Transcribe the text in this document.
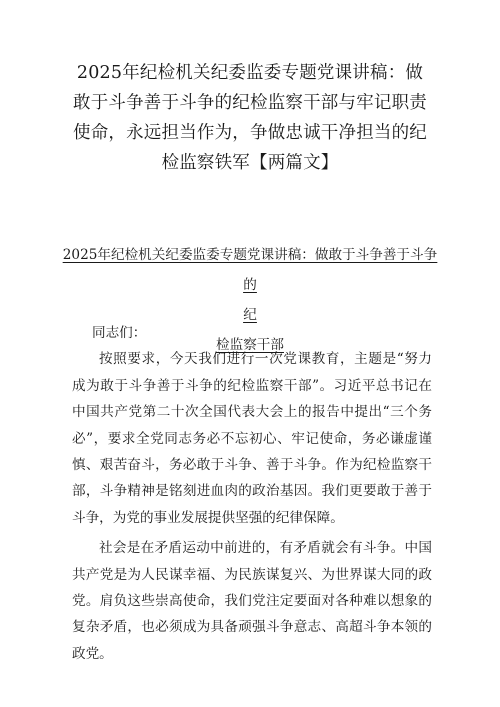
2025年纪检机关纪委监委专题党课讲稿：做敢于斗争善于斗争的纪检监察干部与牢记职责使命，永远担当作为，争做忠诚干净担当的纪检监察铁军【两篇文】
2025年纪检机关纪委监委专题党课讲稿：做敢于斗争善于斗争的
纪
检监察干部

同志们：

按照要求，今天我们进行一次党课教育，主题是“努力成为敢于斗争善于斗争的纪检监察干部”。习近平总书记在中国共产党第二十次全国代表大会上的报告中提出“三个务必”，要求全党同志务必不忘初心、牢记使命，务必谦虚谨慎、艰苦奋斗，务必敢于斗争、善于斗争。作为纪检监察干部，斗争精神是铭刻进血肉的政治基因。我们更要敢于善于斗争，为党的事业发展提供坚强的纪律保障。

社会是在矛盾运动中前进的，有矛盾就会有斗争。中国共产党是为人民谋幸福、为民族谋复兴、为世界谋大同的政党。肩负这些崇高使命，我们党注定要面对各种难以想象的复杂矛盾，也必须成为具备顽强斗争意志、高超斗争本领的政党。
